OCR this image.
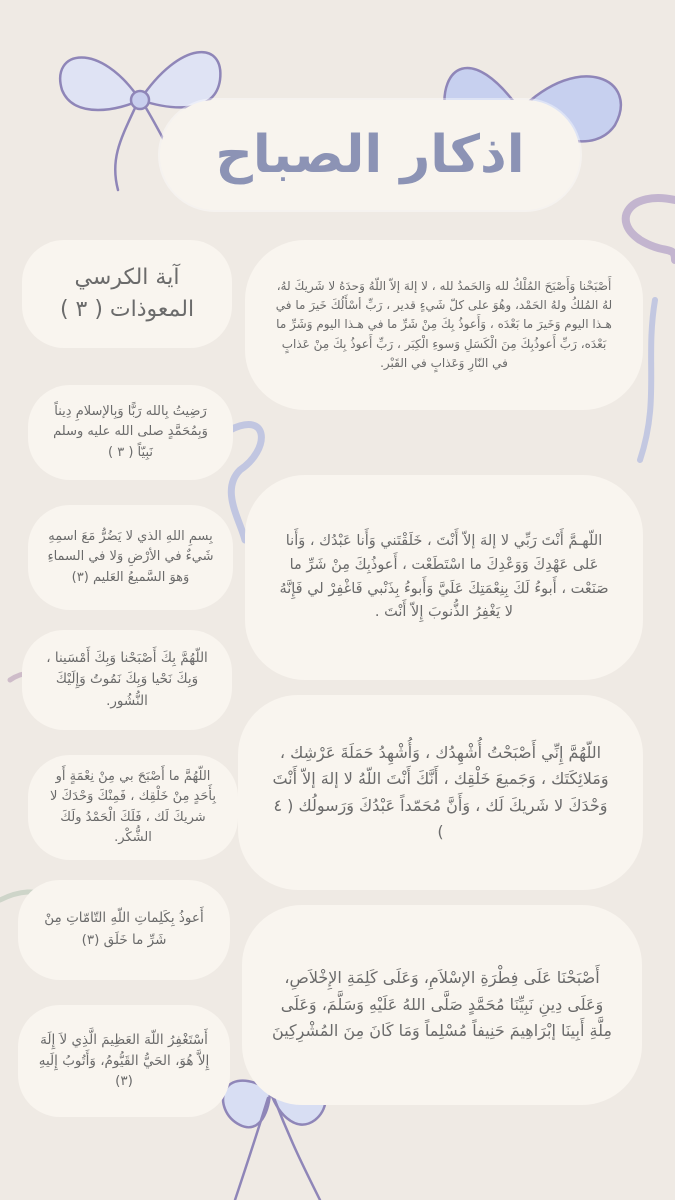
اذكار الصباح

آية الكرسي

المعوذات ( ٣ )

رَضِيتُ بِالله رَبًّا وَبِالإسلامِ دِيناً وَبِمُحَمَّدٍ صلى الله عليه وسلم نَبِيّاً ( ٣ )

بِسمِ اللهِ الذي لا يَضُرُّ مَعَ اسمِهِ شَيءٌ في الأرْضِ وَلا في السماءِ وَهوَ السَّميعُ العَليم (٣)

اللّهُمَّ بِكَ أَصْبَحْنا وَبِكَ أَمْسَينا ، وَبِكَ نَحْيا وَبِكَ نَمُوتُ وَإِلَيْكَ النُّشُور.

اللّهُمَّ ما أَصْبَحَ بي مِنْ نِعْمَةٍ أَو بِأَحَدٍ مِنْ خَلْقِك ، فَمِنْكَ وَحْدَكَ لا شريكَ لَك ، فَلَكَ الْحَمْدُ ولَكَ الشُّكْر.

أَعوذُ بِكَلِماتِ اللّهِ التّامّاتِ مِنْ شَرِّ ما خَلَق (٣)

أَسْتَغْفِرُ اللّهَ العَظِيمَ الَّذِي لاَ إِلَهَ إِلاَّ هُوَ، الحَيُّ القَيُّومُ، وَأَتُوبُ إِلَيهِ (٣)

أَصْبَحْنا وَأَصْبَحَ المُلْكُ لله وَالحَمدُ لله ، لا إلهَ إلاّ اللّهُ وَحدَهُ لا شَريكَ لهُ، لهُ المُلكُ ولهُ الحَمْد، وهُوَ على كلّ شَيءٍ قدير ، رَبِّ أسْأَلُكَ خَيرَ ما في هـذا اليوم وَخَيرَ ما بَعْدَه ، وَأَعوذُ بِكَ مِنْ شَرِّ ما في هـذا اليوم وَشَرِّ ما بَعْدَه، رَبِّ أَعوذُبِكَ مِنَ الْكَسَلِ وَسوءِ الْكِبَر ، رَبِّ أَعوذُ بِكَ مِنْ عَذابٍ في النّارِ وَعَذابٍ في القَبْر.

اللّهـمَّ أَنْتَ رَبِّي لا إلهَ إلاّ أَنْتَ ، خَلَقْتَني وَأَنا عَبْدُك ، وَأَنا عَلى عَهْدِكَ وَوَعْدِكَ ما اسْتَطَعْت ، أَعوذُبِكَ مِنْ شَرِّ ما صَنَعْت ، أَبوءُ لَكَ بِنِعْمَتِكَ عَلَيَّ وَأَبوءُ بِذَنْبي فَاغْفِرْ لي فَإِنَّهُ لا يَغْفِرُ الذُّنوبَ إِلاّ أَنْتَ .

اللّهُمَّ إِنِّي أَصْبَحْتُ أُشْهِدُك ، وَأُشْهِدُ حَمَلَةَ عَرْشِك ، وَمَلائِكَتَك ، وَجَميعَ خَلْقِك ، أَنَّكَ أَنْتَ اللّهُ لا إلهَ إلاّ أَنْتَ وَحْدَكَ لا شَريكَ لَك ، وَأَنَّ مُحَمّداً عَبْدُكَ وَرَسولُك ( ٤ )

أَصْبَحْنَا عَلَى فِطْرَةِ الإسْلاَمِ، وَعَلَى كَلِمَةِ الإِخْلاَصِ، وَعَلَى دِينِ نَبِيِّنَا مُحَمَّدٍ صَلَّى اللهُ عَلَيْهِ وَسَلَّمَ، وَعَلَى مِلَّةِ أَبِينَا إبْرَاهِيمَ حَنِيفاً مُسْلِماً وَمَا كَانَ مِنَ المُشْرِكِينَ
